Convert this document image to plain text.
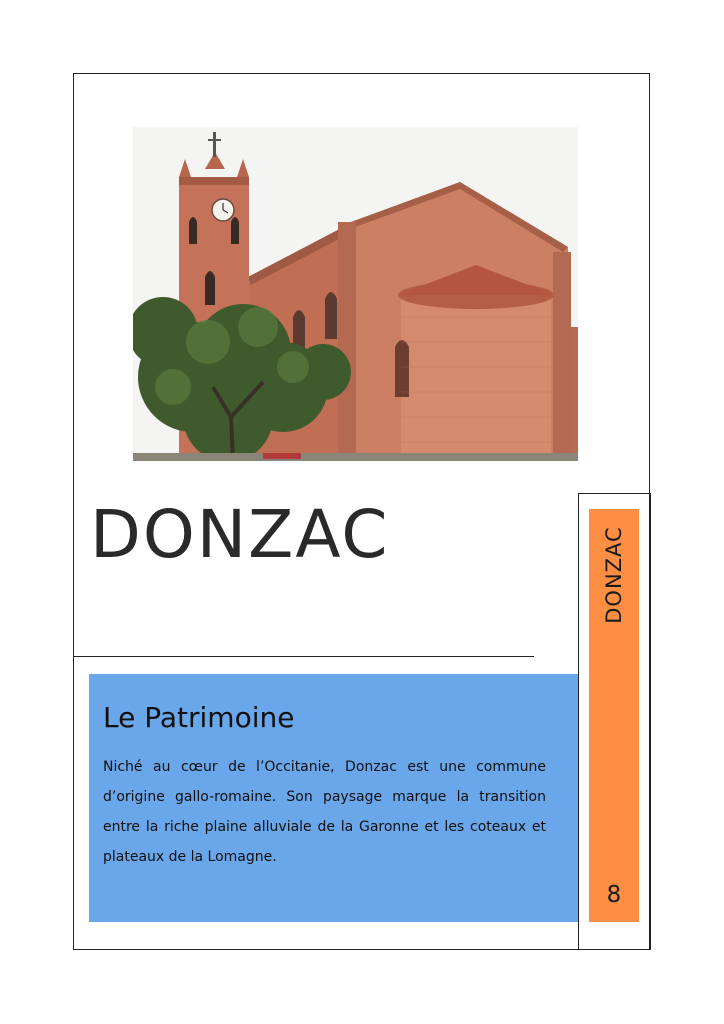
DONZAC	DONZAC
8
Le Patrimoine

Niché au cœur de l’Occitanie, Donzac est une commune d’origine gallo-romaine. Son paysage marque la transition entre la riche plaine alluviale de la Garonne et les coteaux et plateaux de la Lomagne.
